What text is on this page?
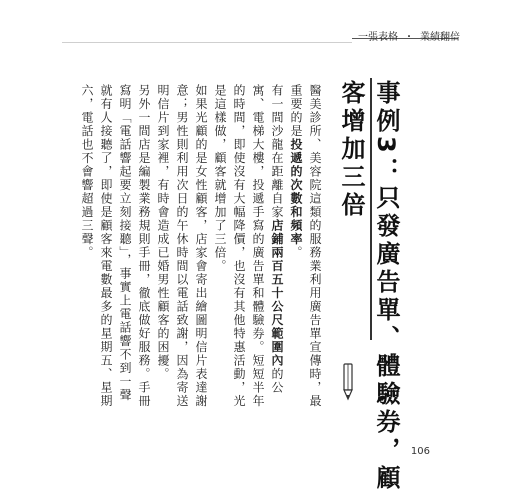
一張表格 ・ 業績翻倍
事例3：只發廣告單、體驗券，顧客增加三倍

醫美診所、美容院這類的服務業利用廣告單宣傳時，最重要的是投遞的次數和頻率。

有一間沙龍在距離自家店鋪兩百五十公尺範圍內的公寓、電梯大樓，投遞手寫的廣告單和體驗券。短短半年的時間，即使沒有大幅降價，也沒有其他特惠活動，光是這樣做，顧客就增加了三倍。

如果光顧的是女性顧客，店家會寄出繪圖明信片表達謝意；男性則利用次日的午休時間以電話致謝，因為寄送明信片到家裡，有時會造成已婚男性顧客的困擾。

另外一間店是編製業務規則手冊，徹底做好服務。手冊寫明「電話響起要立刻接聽」，事實上電話響不到一聲就有人接聽了，即使是顧客來電數最多的星期五、星期六，電話也不會響超過三聲。

106
